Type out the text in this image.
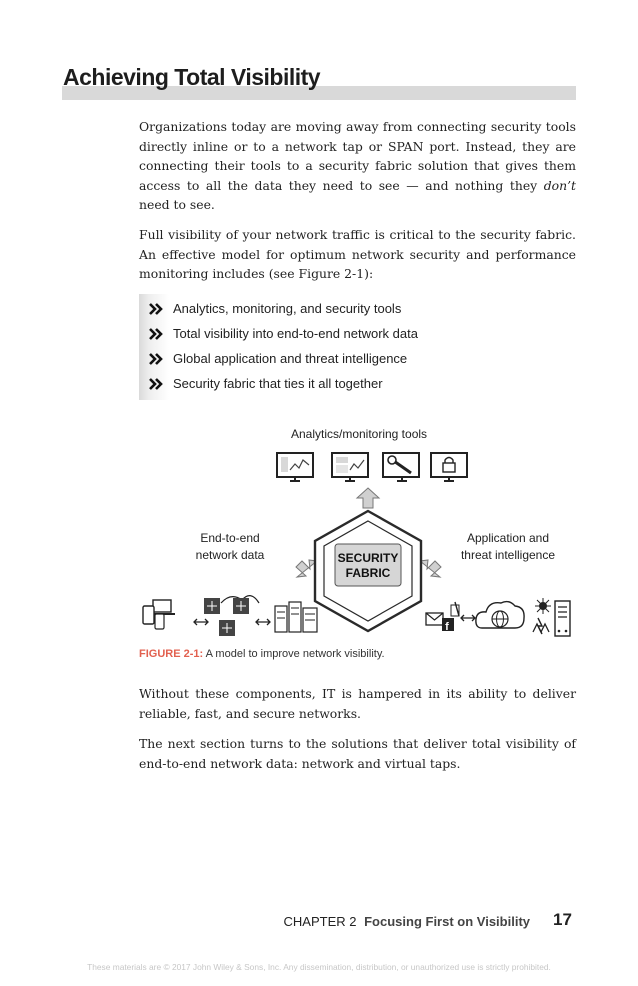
Achieving Total Visibility

Organizations today are moving away from connecting security tools directly inline or to a network tap or SPAN port. Instead, they are connecting their tools to a security fabric solution that gives them access to all the data they need to see — and nothing they don’t need to see.

Full visibility of your network traffic is critical to the security fabric. An effective model for optimum network security and performance monitoring includes (see Figure 2-1):

Analytics, monitoring, and security tools
Total visibility into end-to-end network data
Global application and threat intelligence
Security fabric that ties it all together
SECURITY
FABRIC
f
Analytics/monitoring tools
End-to-end
network data
Application and
threat intelligence

FIGURE 2-1: A model to improve network visibility.

Without these components, IT is hampered in its ability to deliver reliable, fast, and secure networks.

The next section turns to the solutions that deliver total visibility of end-to-end network data: network and virtual taps.

CHAPTER 2 Focusing First on Visibility 17

These materials are © 2017 John Wiley & Sons, Inc. Any dissemination, distribution, or unauthorized use is strictly prohibited.
